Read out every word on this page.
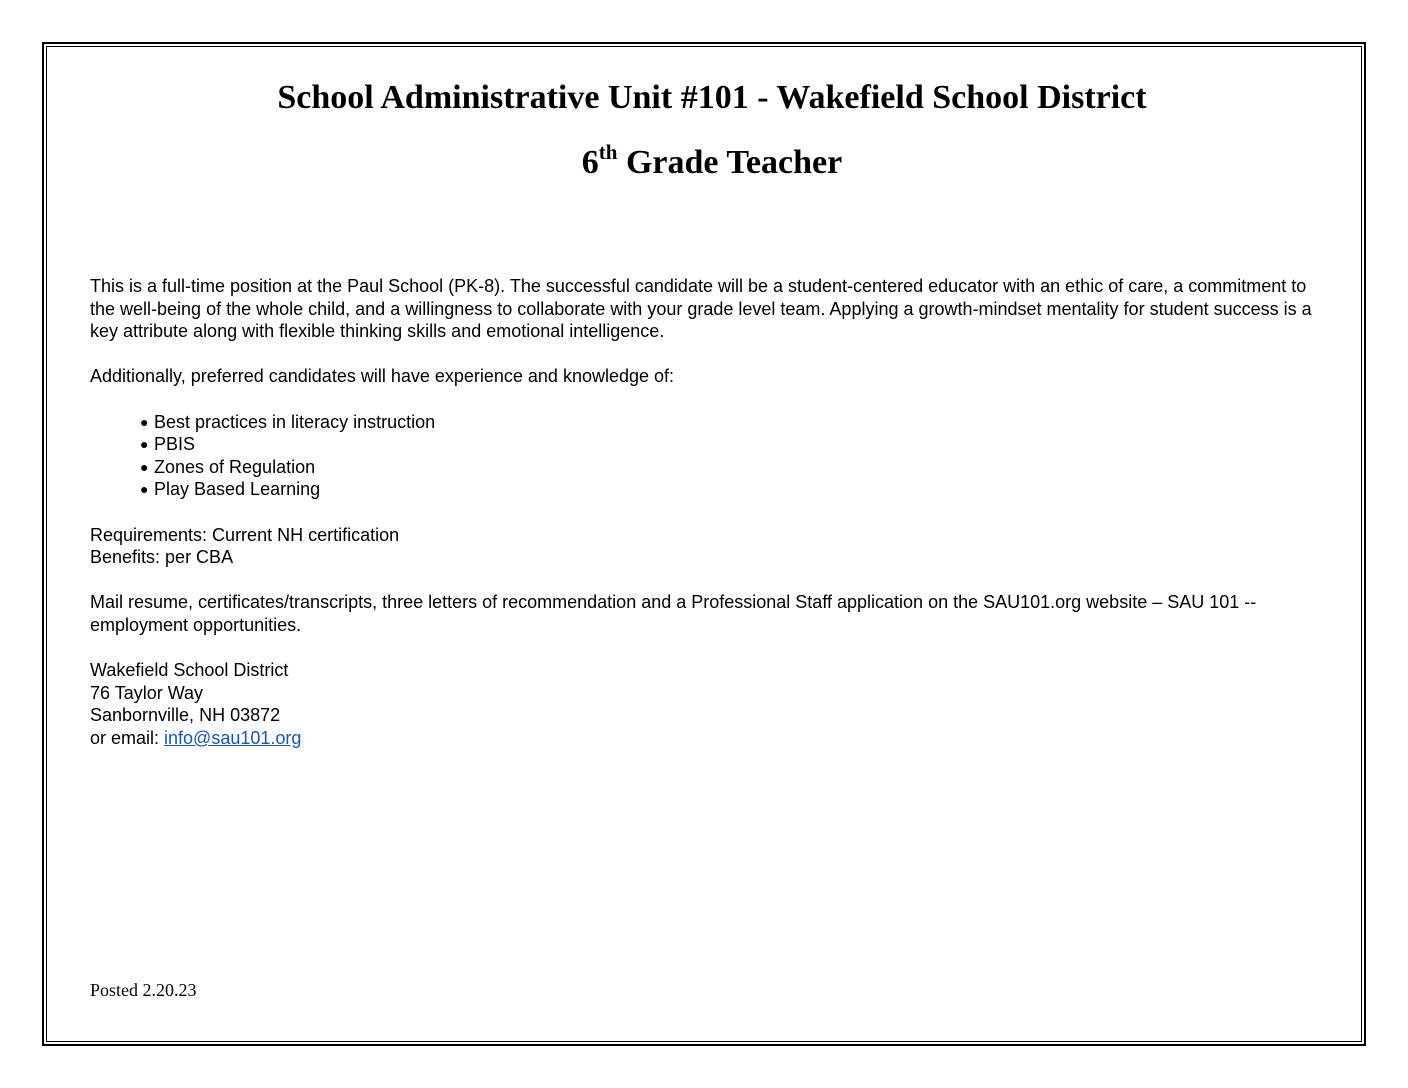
School Administrative Unit #101 - Wakefield School District
6th Grade Teacher

This is a full-time position at the Paul School (PK-8). The successful candidate will be a student-centered educator with an ethic of care, a commitment to the well-being of the whole child, and a willingness to collaborate with your grade level team. Applying a growth-mindset mentality for student success is a key attribute along with flexible thinking skills and emotional intelligence.

Additionally, preferred candidates will have experience and knowledge of:

● Best practices in literacy instruction
● PBIS
● Zones of Regulation
● Play Based Learning

Requirements: Current NH certification

Benefits: per CBA

Mail resume, certificates/transcripts, three letters of recommendation and a Professional Staff application on the SAU101.org website – SAU 101 -- employment opportunities.

Wakefield School District

76 Taylor Way

Sanbornville, NH 03872

or email: info@sau101.org

Posted 2.20.23
